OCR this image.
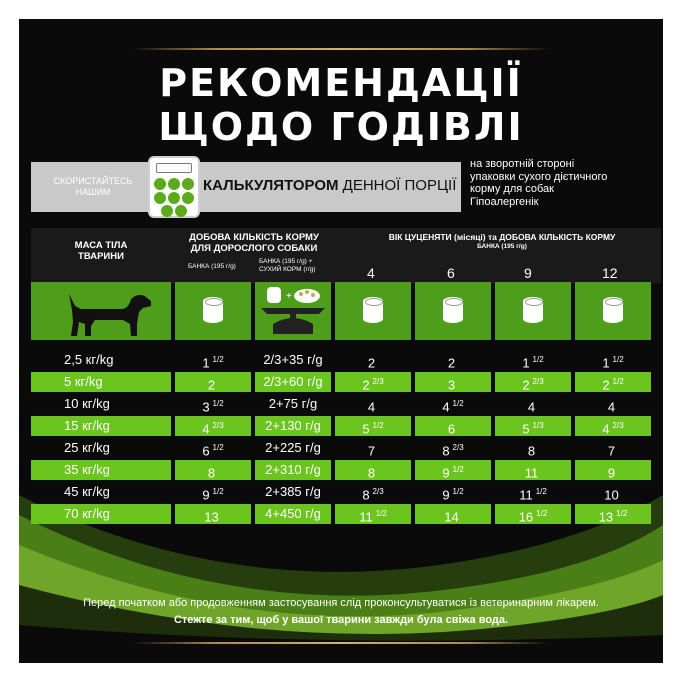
РЕКОМЕНДАЦІЇ
ЩОДО ГОДІВЛІ
СКОРИСТАЙТЕСЬ
НАШИМ	КАЛЬКУЛЯТОРОМ ДЕННОЇ ПОРЦІЇ
на зворотній стороні
упаковки сухого дієтичного
корму для собак
Гіпоалергенік
МАСА ТІЛА
ТВАРИНИ
ДОБОВА КІЛЬКІСТЬ КОРМУ
ДЛЯ ДОРОСЛОГО СОБАКИ
БАНКА (195 г/g)
БАНКА (195 г/g) +
СУХИЙ КОРМ (г/g)
ВІК ЦУЦЕНЯТИ (місяці) та ДОБОВА КІЛЬКІСТЬ КОРМУ
БАНКА (195 г/g)
4	6	9	12
+
2,5 кг/kg	1 $^{1/2}$	2/3+35 г/g	2	2	1 $^{1/2}$	1 $^{1/2}$
5 кг/kg	2	2/3+60 г/g	2 $^{2/3}$	3	2 $^{2/3}$	2 $^{1/2}$
10 кг/kg	3 $^{1/2}$	2+75 г/g	4	4 $^{1/2}$	4	4
15 кг/kg	4 $^{2/3}$	2+130 г/g	5 $^{1/2}$	6	5 $^{1/3}$	4 $^{2/3}$
25 кг/kg	6 $^{1/2}$	2+225 г/g	7	8 $^{2/3}$	8	7
35 кг/kg	8	2+310 г/g	8	9 $^{1/2}$	11	9
45 кг/kg	9 $^{1/2}$	2+385 г/g	8 $^{2/3}$	9 $^{1/2}$	11 $^{1/2}$	10
70 кг/kg	13	4+450 г/g	11 $^{1/2}$	14	16 $^{1/2}$	13 $^{1/2}$
Перед початком або продовженням застосування слід проконсультуватися із ветеринарним лікарем.
Стежте за тим, щоб у вашої тварини завжди була свіжа вода.
